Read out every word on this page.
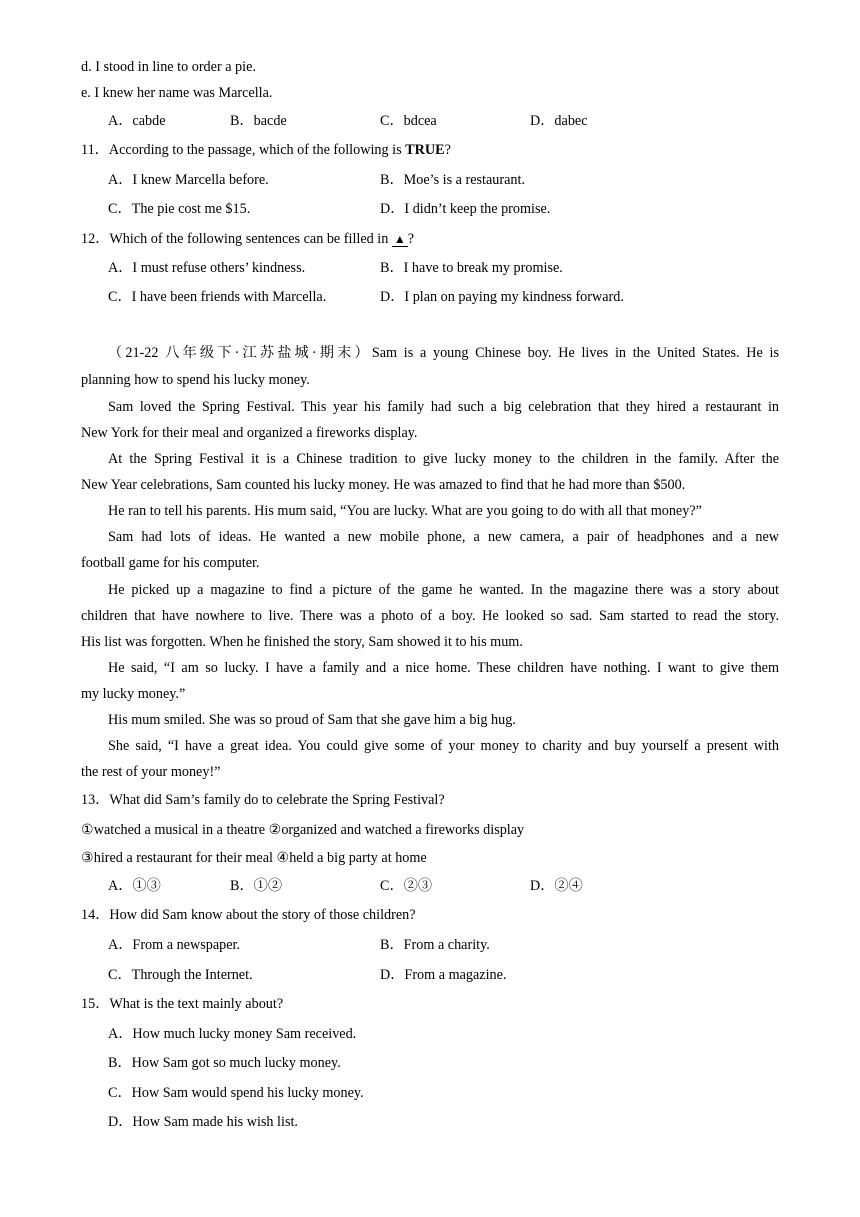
d. I stood in line to order a pie.
e. I knew her name was Marcella.
A．cabde	B．bacde	C．bdcea	D．dabec
11．According to the passage, which of the following is TRUE?
A．I knew Marcella before.	B．Moe’s is a restaurant.
C．The pie cost me $15.	D．I didn’t keep the promise.
12．Which of the following sentences can be filled in ▲ ?
A．I must refuse others’ kindness.	B．I have to break my promise.
C．I have been friends with Marcella.	D．I plan on paying my kindness forward.
（21-22 八年级下·江苏盐城·期末）Sam is a young Chinese boy. He lives in the United States. He is
planning how to spend his lucky money.
Sam loved the Spring Festival. This year his family had such a big celebration that they hired a restaurant in
New York for their meal and organized a fireworks display.
At the Spring Festival it is a Chinese tradition to give lucky money to the children in the family. After the
New Year celebrations, Sam counted his lucky money. He was amazed to find that he had more than $500.
He ran to tell his parents. His mum said, “You are lucky. What are you going to do with all that money?”
Sam had lots of ideas. He wanted a new mobile phone, a new camera, a pair of headphones and a new
football game for his computer.
He picked up a magazine to find a picture of the game he wanted. In the magazine there was a story about
children that have nowhere to live. There was a photo of a boy. He looked so sad. Sam started to read the story.
His list was forgotten. When he finished the story, Sam showed it to his mum.
He said, “I am so lucky. I have a family and a nice home. These children have nothing. I want to give them
my lucky money.”
His mum smiled. She was so proud of Sam that she gave him a big hug.
She said, “I have a great idea. You could give some of your money to charity and buy yourself a present with
the rest of your money!”
13．What did Sam’s family do to celebrate the Spring Festival?
①watched a musical in a theatre ②organized and watched a fireworks display
③hired a restaurant for their meal ④held a big party at home
A．①③	B．①②	C．②③	D．②④
14．How did Sam know about the story of those children?
A．From a newspaper.	B．From a charity.
C．Through the Internet.	D．From a magazine.
15．What is the text mainly about?
A．How much lucky money Sam received.
B．How Sam got so much lucky money.
C．How Sam would spend his lucky money.
D．How Sam made his wish list.
